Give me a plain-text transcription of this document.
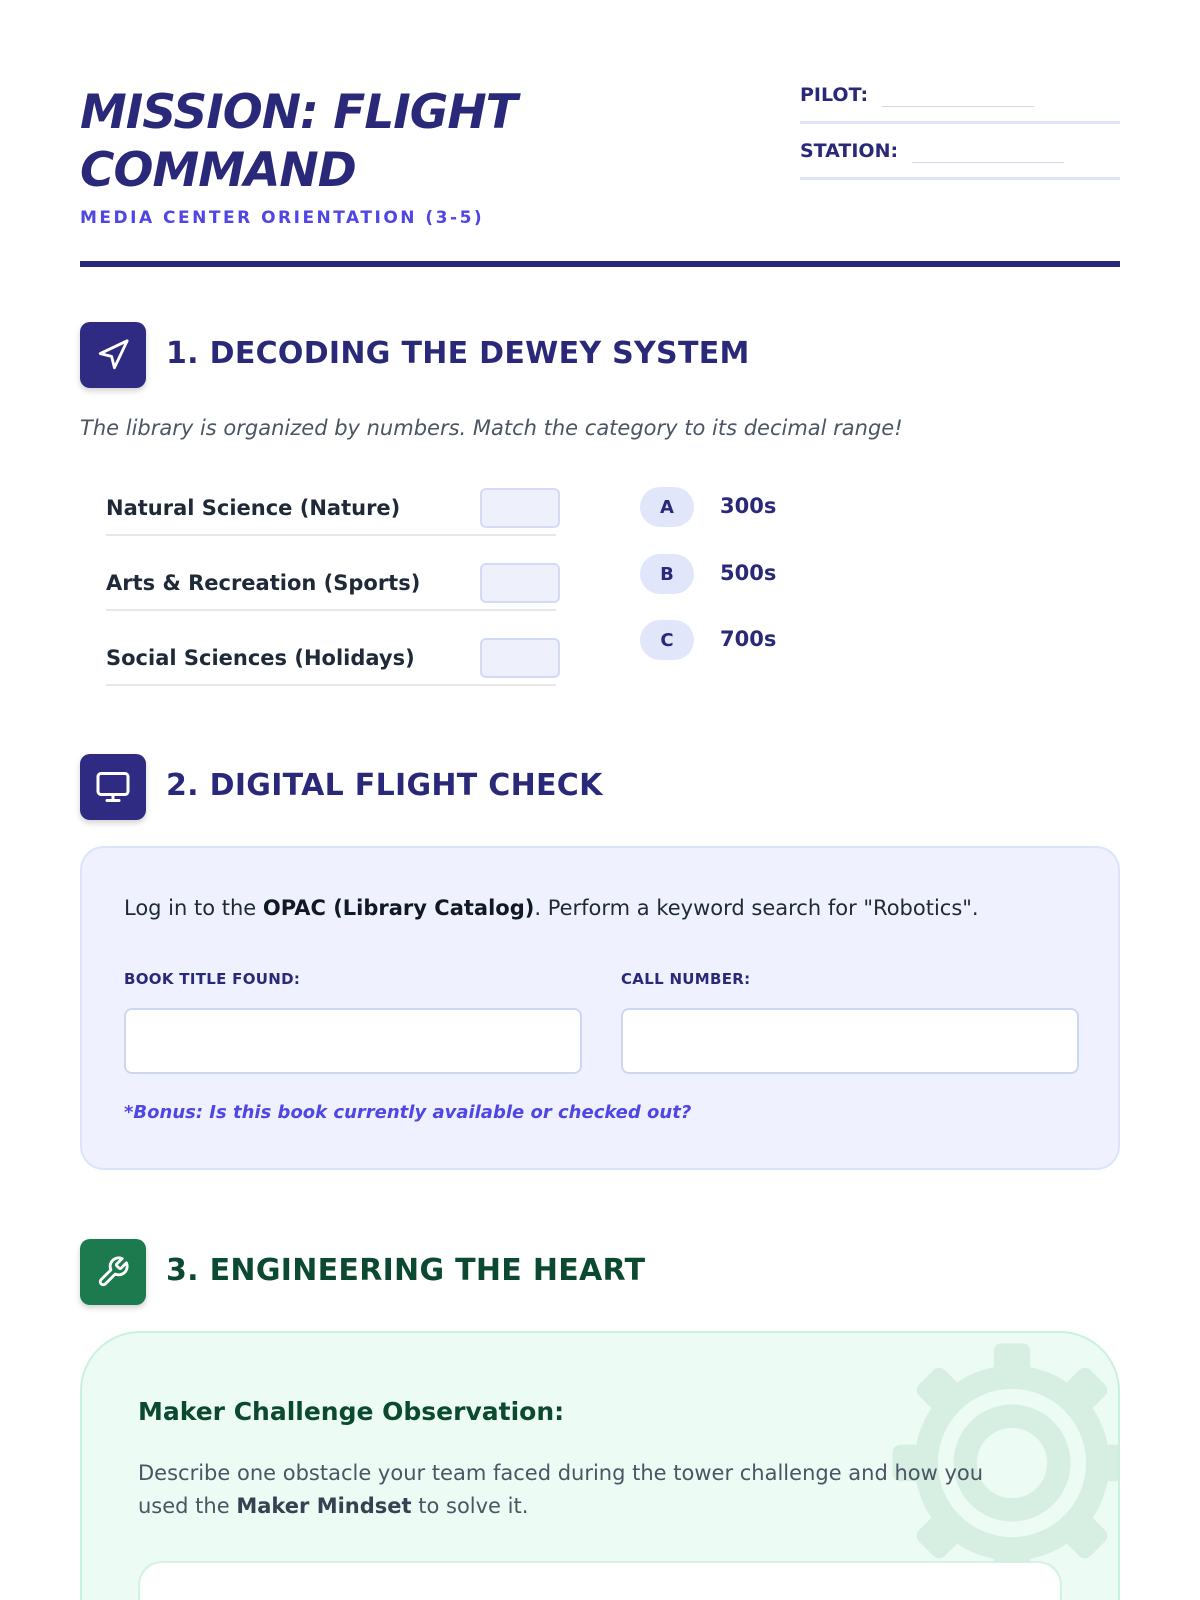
MISSION: FLIGHT COMMAND
MEDIA CENTER ORIENTATION (3-5)
PILOT:
STATION:
1. DECODING THE DEWEY SYSTEM

The library is organized by numbers. Match the category to its decimal range!

Natural Science (Nature)
Arts & Recreation (Sports)
Social Sciences (Holidays)
A	300s
B	500s
C	700s
2. DIGITAL FLIGHT CHECK

Log in to the OPAC (Library Catalog). Perform a keyword search for "Robotics".

BOOK TITLE FOUND:	CALL NUMBER:

*Bonus: Is this book currently available or checked out?

3. ENGINEERING THE HEART
Maker Challenge Observation:

Describe one obstacle your team faced during the tower challenge and how you used the Maker Mindset to solve it.
